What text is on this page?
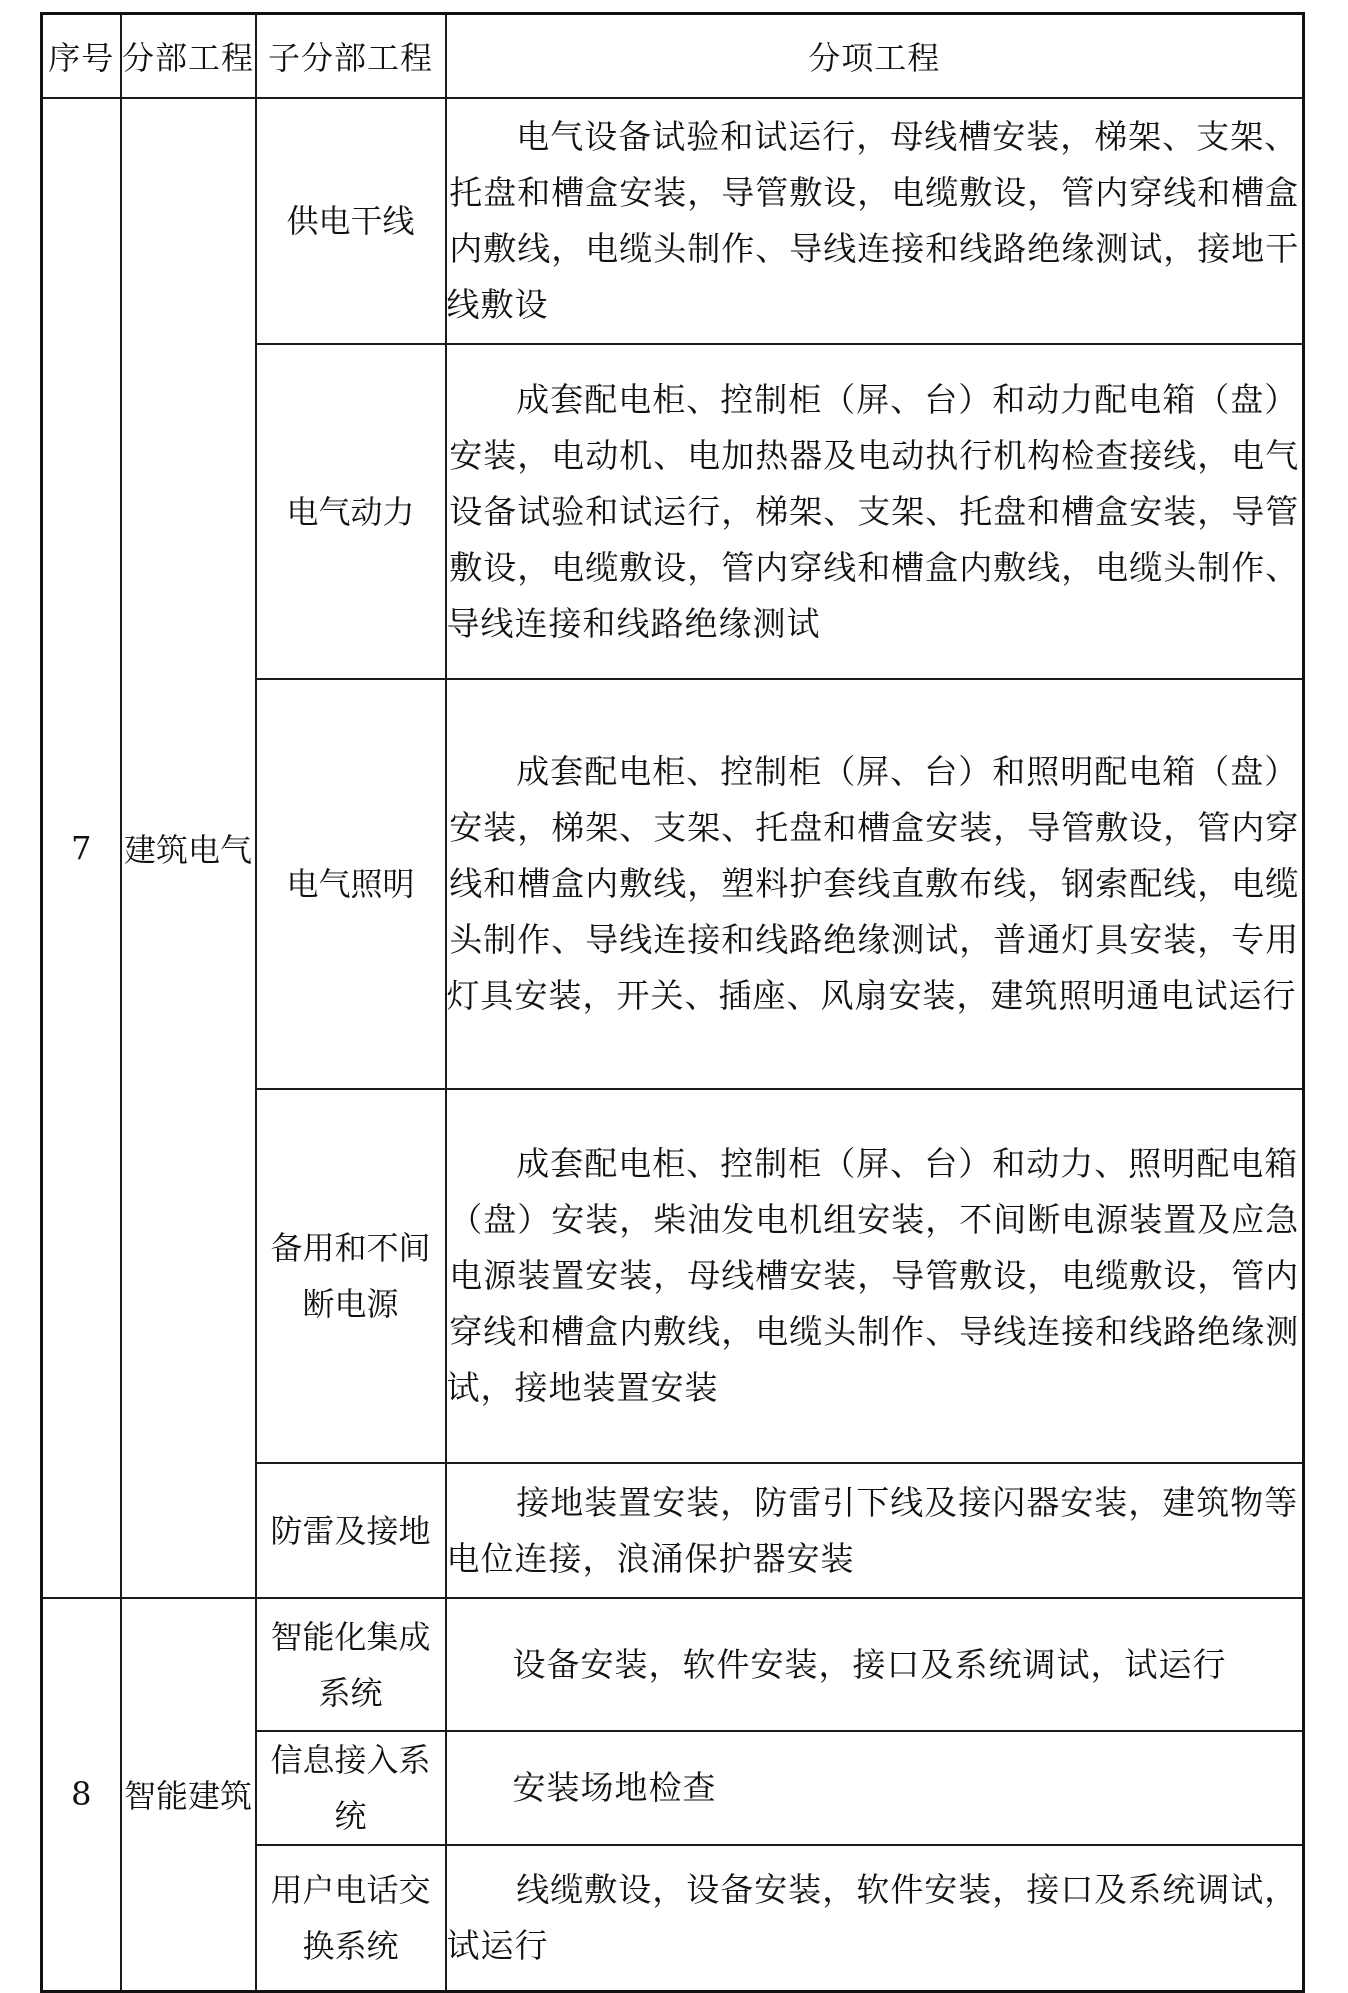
序号	分部工程	子分部工程	分项工程
7	建筑电气	供电干线	电气设备试验和试运行，母线槽安装，梯架、支架、托盘和槽盒安装，导管敷设，电缆敷设，管内穿线和槽盒内敷线，电缆头制作、导线连接和线路绝缘测试，接地干线敷设

		电气动力	成套配电柜、控制柜（屏、台）和动力配电箱（盘）安装，电动机、电加热器及电动执行机构检查接线，电气设备试验和试运行，梯架、支架、托盘和槽盒安装，导管敷设，电缆敷设，管内穿线和槽盒内敷线，电缆头制作、导线连接和线路绝缘测试

		电气照明	成套配电柜、控制柜（屏、台）和照明配电箱（盘）安装，梯架、支架、托盘和槽盒安装，导管敷设，管内穿线和槽盒内敷线，塑料护套线直敷布线，钢索配线，电缆头制作、导线连接和线路绝缘测试，普通灯具安装，专用灯具安装，开关、插座、风扇安装，建筑照明通电试运行

		备用和不间断电源	成套配电柜、控制柜（屏、台）和动力、照明配电箱（盘）安装，柴油发电机组安装，不间断电源装置及应急电源装置安装，母线槽安装，导管敷设，电缆敷设，管内穿线和槽盒内敷线，电缆头制作、导线连接和线路绝缘测试，接地装置安装

		防雷及接地	接地装置安装，防雷引下线及接闪器安装，建筑物等电位连接，浪涌保护器安装

8	智能建筑	智能化集成系统	设备安装，软件安装，接口及系统调试，试运行

		信息接入系统	安装场地检查

		用户电话交换系统	线缆敷设，设备安装，软件安装，接口及系统调试，试运行
